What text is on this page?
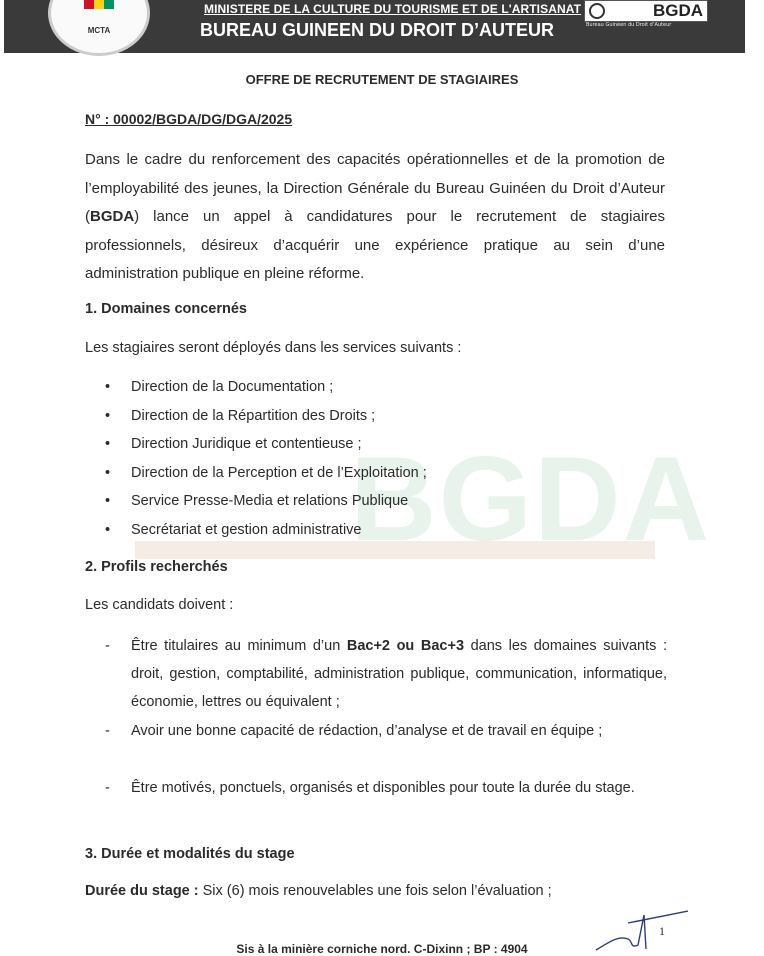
MCTA
MINISTERE DE LA CULTURE DU TOURISME ET DE L'ARTISANAT
BUREAU GUINEEN DU DROIT D’AUTEUR
BGDA
Bureau Guinéen du Droit d’Auteur
BGDA
OFFRE DE RECRUTEMENT DE STAGIAIRES
N° : 00002/BGDA/DG/DGA/2025
Dans le cadre du renforcement des capacités opérationnelles et de la promotion de l’employabilité des jeunes, la Direction Générale du Bureau Guinéen du Droit d’Auteur (BGDA) lance un appel à candidatures pour le recrutement de stagiaires professionnels, désireux d’acquérir une expérience pratique au sein d’une administration publique en pleine réforme.
1. Domaines concernés
Les stagiaires seront déployés dans les services suivants :
• Direction de la Documentation ;
• Direction de la Répartition des Droits ;
• Direction Juridique et contentieuse ;
• Direction de la Perception et de l’Exploitation ;
• Service Presse-Media et relations Publique
• Secrétariat et gestion administrative
2. Profils recherchés
Les candidats doivent :
- Être titulaires au minimum d’un Bac+2 ou Bac+3 dans les domaines suivants : droit, gestion, comptabilité, administration publique, communication, informatique, économie, lettres ou équivalent ;
- Avoir une bonne capacité de rédaction, d’analyse et de travail en équipe ;
- Être motivés, ponctuels, organisés et disponibles pour toute la durée du stage.
3. Durée et modalités du stage
Durée du stage : Six (6) mois renouvelables une fois selon l’évaluation ;
1
Sis à la minière corniche nord. C-Dixinn ; BP : 4904
